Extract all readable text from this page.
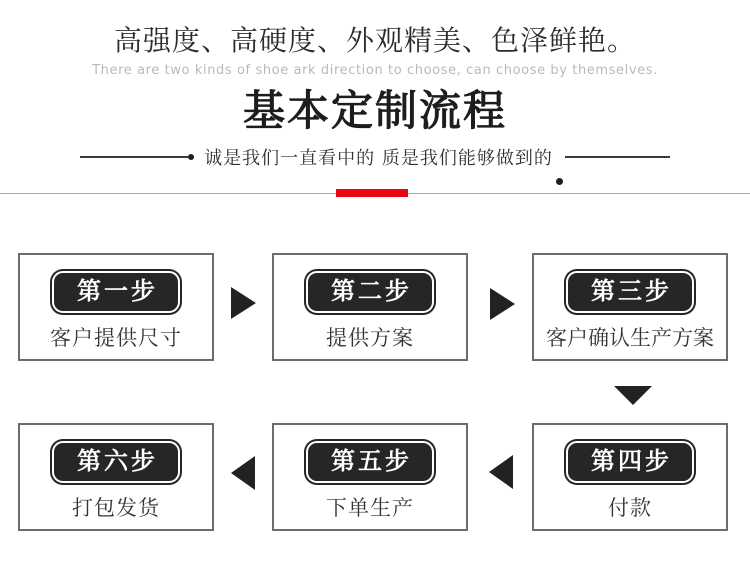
高强度、高硬度、外观精美、色泽鲜艳。
There are two kinds of shoe ark direction to choose, can choose by themselves.
基本定制流程
诚是我们一直看中的 质是我们能够做到的
第一步
客户提供尺寸
第二步
提供方案
第三步
客户确认生产方案
第四步
付款
第五步
下单生产
第六步
打包发货
